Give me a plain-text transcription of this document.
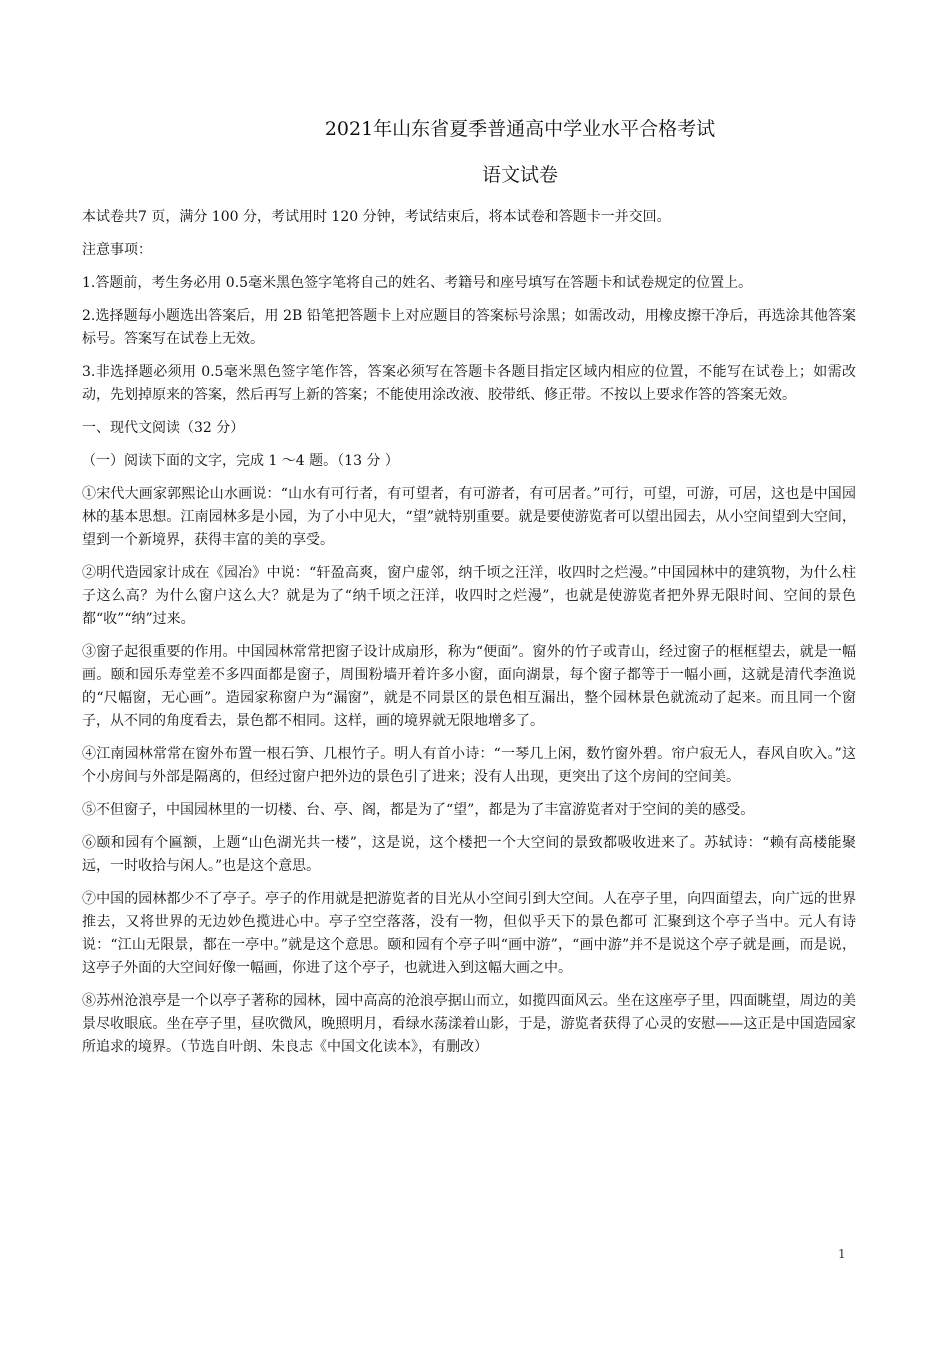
2021年山东省夏季普通高中学业水平合格考试
语文试卷

本试卷共7 页，满分 100 分，考试用时 120 分钟，考试结束后，将本试卷和答题卡一并交回。

注意事项：

1.答题前，考生务必用 0.5毫米黑色签字笔将自己的姓名、考籍号和座号填写在答题卡和试卷规定的位置上。

2.选择题每小题选出答案后，用 2B 铅笔把答题卡上对应题目的答案标号涂黑；如需改动，用橡皮擦干净后，再选涂其他答案标号。答案写在试卷上无效。

3.非选择题必须用 0.5毫米黑色签字笔作答，答案必须写在答题卡各题目指定区域内相应的位置，不能写在试卷上；如需改动，先划掉原来的答案，然后再写上新的答案；不能使用涂改液、胶带纸、修正带。不按以上要求作答的答案无效。

一、现代文阅读（32 分）

（一）阅读下面的文字，完成 1 ～4 题。（13 分 ）

①宋代大画家郭熙论山水画说：“山水有可行者，有可望者，有可游者，有可居者。”可行，可望，可游，可居，这也是中国园林的基本思想。江南园林多是小园，为了小中见大，“望”就特别重要。就是要使游览者可以望出园去，从小空间望到大空间，望到一个新境界，获得丰富的美的享受。

②明代造园家计成在《园冶》中说：“轩盈高爽，窗户虚邻，纳千顷之汪洋，收四时之烂漫。”中国园林中的建筑物，为什么柱子这么高？为什么窗户这么大？就是为了“纳千顷之汪洋，收四时之烂漫”，也就是使游览者把外界无限时间、空间的景色都“收”“纳”过来。

③窗子起很重要的作用。中国园林常常把窗子设计成扇形，称为“便面”。窗外的竹子或青山，经过窗子的框框望去，就是一幅画。颐和园乐寿堂差不多四面都是窗子，周围粉墙开着许多小窗，面向湖景，每个窗子都等于一幅小画，这就是清代李渔说的“尺幅窗，无心画”。造园家称窗户为“漏窗”，就是不同景区的景色相互漏出，整个园林景色就流动了起来。而且同一个窗子，从不同的角度看去，景色都不相同。这样，画的境界就无限地增多了。

④江南园林常常在窗外布置一根石笋、几根竹子。明人有首小诗：“一琴几上闲，数竹窗外碧。帘户寂无人，春风自吹入。”这个小房间与外部是隔离的，但经过窗户把外边的景色引了进来；没有人出现，更突出了这个房间的空间美。

⑤不但窗子，中国园林里的一切楼、台、亭、阁，都是为了“望”，都是为了丰富游览者对于空间的美的感受。

⑥颐和园有个匾额，上题“山色湖光共一楼”，这是说，这个楼把一个大空间的景致都吸收进来了。苏轼诗：“赖有高楼能聚远，一时收拾与闲人。”也是这个意思。

⑦中国的园林都少不了亭子。亭子的作用就是把游览者的目光从小空间引到大空间。人在亭子里，向四面望去，向广远的世界推去，又将世界的无边妙色揽进心中。亭子空空落落，没有一物，但似乎天下的景色都可 汇聚到这个亭子当中。元人有诗说：“江山无限景，都在一亭中。”就是这个意思。颐和园有个亭子叫“画中游”，“画中游”并不是说这个亭子就是画，而是说，这亭子外面的大空间好像一幅画，你进了这个亭子，也就进入到这幅大画之中。

⑧苏州沧浪亭是一个以亭子著称的园林，园中高高的沧浪亭据山而立，如揽四面风云。坐在这座亭子里，四面眺望，周边的美景尽收眼底。坐在亭子里，昼吹微风，晚照明月，看绿水荡漾着山影，于是，游览者获得了心灵的安慰——这正是中国造园家所追求的境界。（节选自叶朗、朱良志《中国文化读本》，有删改）

1
